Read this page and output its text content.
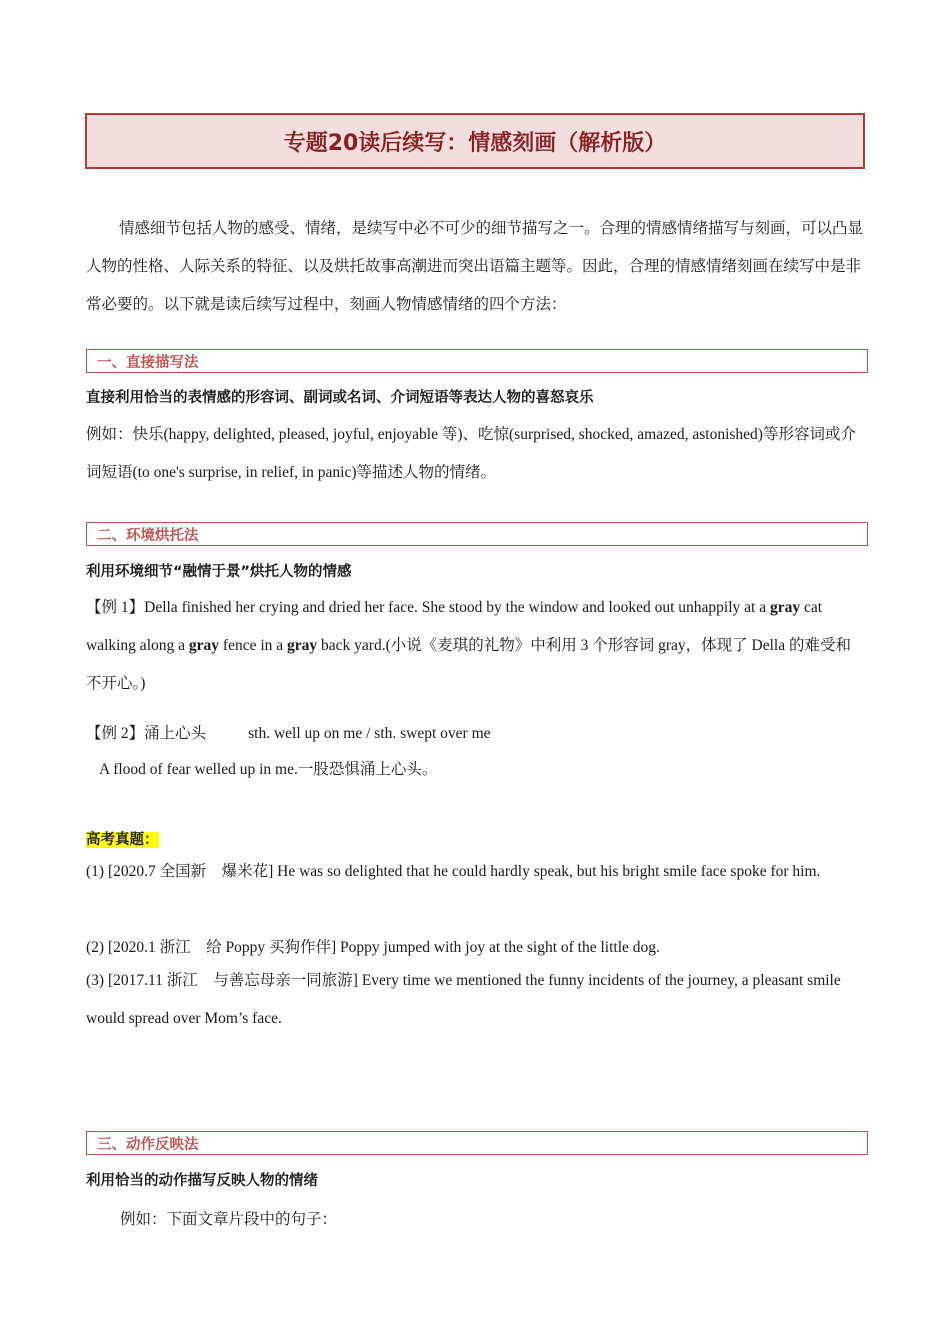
专题20读后续写：情感刻画（解析版）

情感细节包括人物的感受、情绪，是续写中必不可少的细节描写之一。合理的情感情绪描写与刻画，可以凸显人物的性格、人际关系的特征、以及烘托故事高潮进而突出语篇主题等。因此，合理的情感情绪刻画在续写中是非常必要的。以下就是读后续写过程中，刻画人物情感情绪的四个方法：

一、直接描写法
直接利用恰当的表情感的形容词、副词或名词、介词短语等表达人物的喜怒哀乐

例如：快乐(happy, delighted, pleased, joyful, enjoyable 等)、吃惊(surprised, shocked, amazed, astonished)等形容词或介词短语(to one's surprise, in relief, in panic)等描述人物的情绪。

二、环境烘托法
利用环境细节“融情于景”烘托人物的情感

【例 1】Della finished her crying and dried her face. She stood by the window and looked out unhappily at a gray cat walking along a gray fence in a gray back yard.(小说《麦琪的礼物》中利用 3 个形容词 gray，体现了 Della 的难受和不开心。)

【例 2】涌上心头	sth. well up on me / sth. swept over me
A flood of fear welled up in me.一股恐惧涌上心头。
高考真题：

(1) [2020.7 全国新　爆米花] He was so delighted that he could hardly speak, but his bright smile face spoke for him.

(2) [2020.1 浙江　给 Poppy 买狗作伴] Poppy jumped with joy at the sight of the little dog.

(3) [2017.11 浙江　与善忘母亲一同旅游] Every time we mentioned the funny incidents of the journey, a pleasant smile would spread over Mom’s face.

三、动作反映法
利用恰当的动作描写反映人物的情绪
例如：下面文章片段中的句子：
